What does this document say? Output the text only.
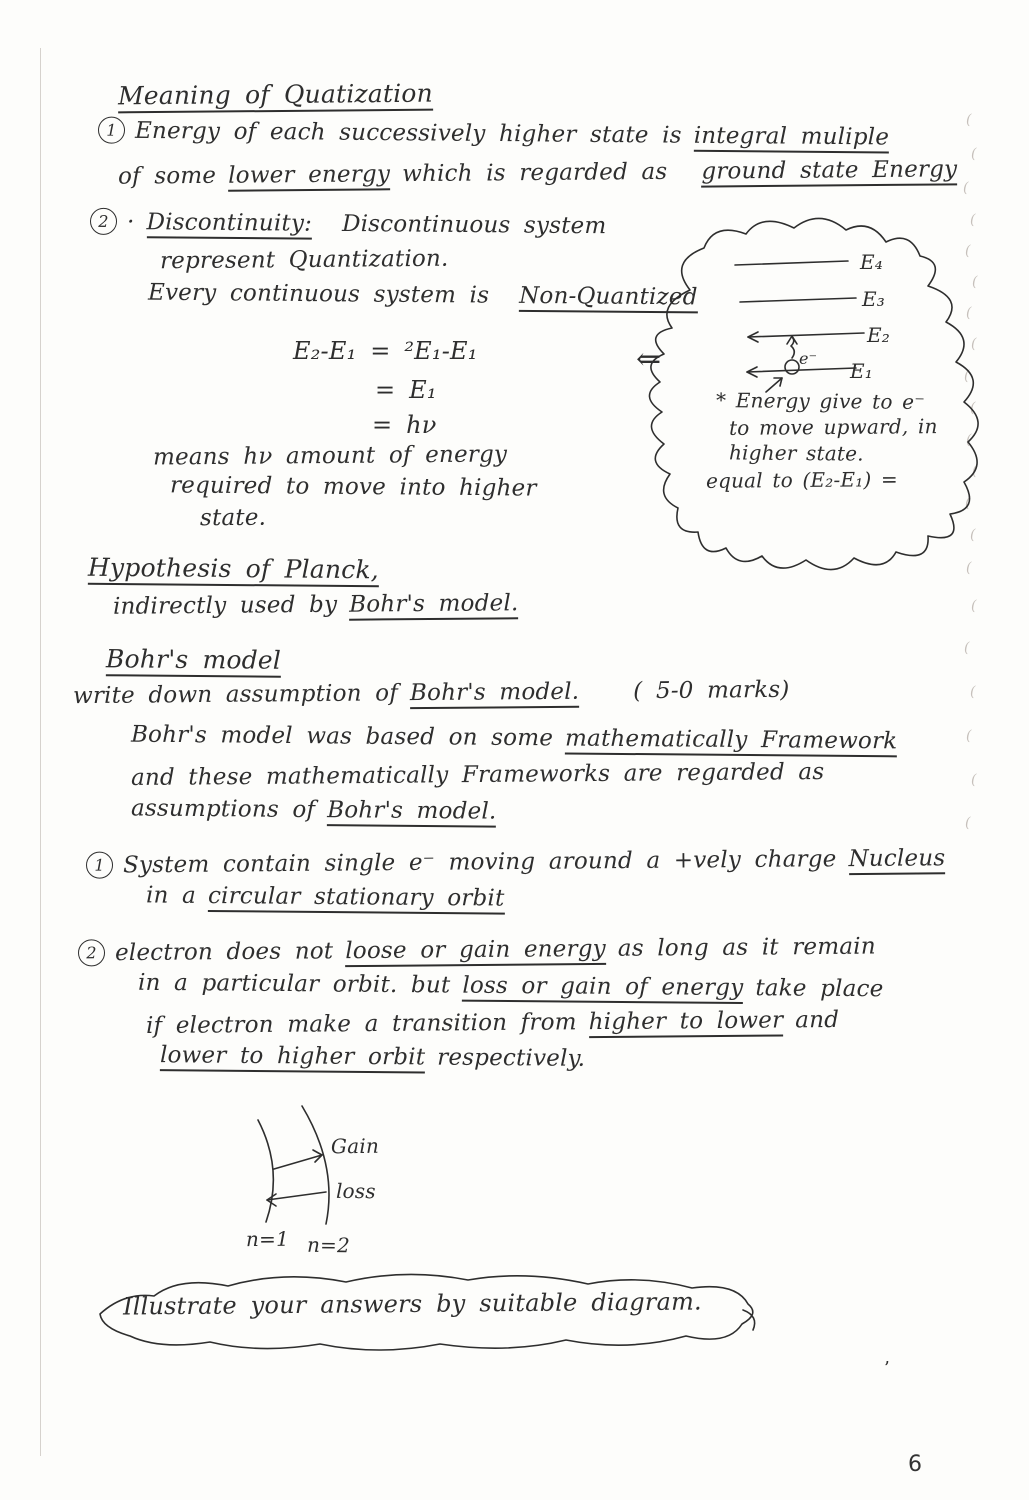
(
(
(
(
(
(
(
(
(
(
(
(
(
(
(
(
(
(
(
(
(
Meaning of Quatization
1 Energy of each successively higher state is integral muliple
of some lower energy which is regarded as ground state Energy
2 · Discontinuity: Discontinuous system
represent Quantization.
Every continuous system is Non-Quantized
E₂-E₁ = ²E₁-E₁
= E₁
= hν
means hν amount of energy
required to move into higher
state.
⇐
E₄
E₃
E₂
E₁
e⁻
* Energy give to e⁻
to move upward, in
higher state.
equal to (E₂-E₁) =
Hypothesis of Planck,
indirectly used by Bohr's model.
Bohr's model
write down assumption of Bohr's model. ( 5-0 marks)
Bohr's model was based on some mathematically Framework
and these mathematically Frameworks are regarded as
assumptions of Bohr's model.
1 System contain single e⁻ moving around a +vely charge Nucleus
in a circular stationary orbit
2 electron does not loose or gain energy as long as it remain
in a particular orbit. but loss or gain of energy take place
if electron make a transition from higher to lower and
lower to higher orbit respectively.
Gain
loss
n=1 n=2
Illustrate your answers by suitable diagram.
’
6
